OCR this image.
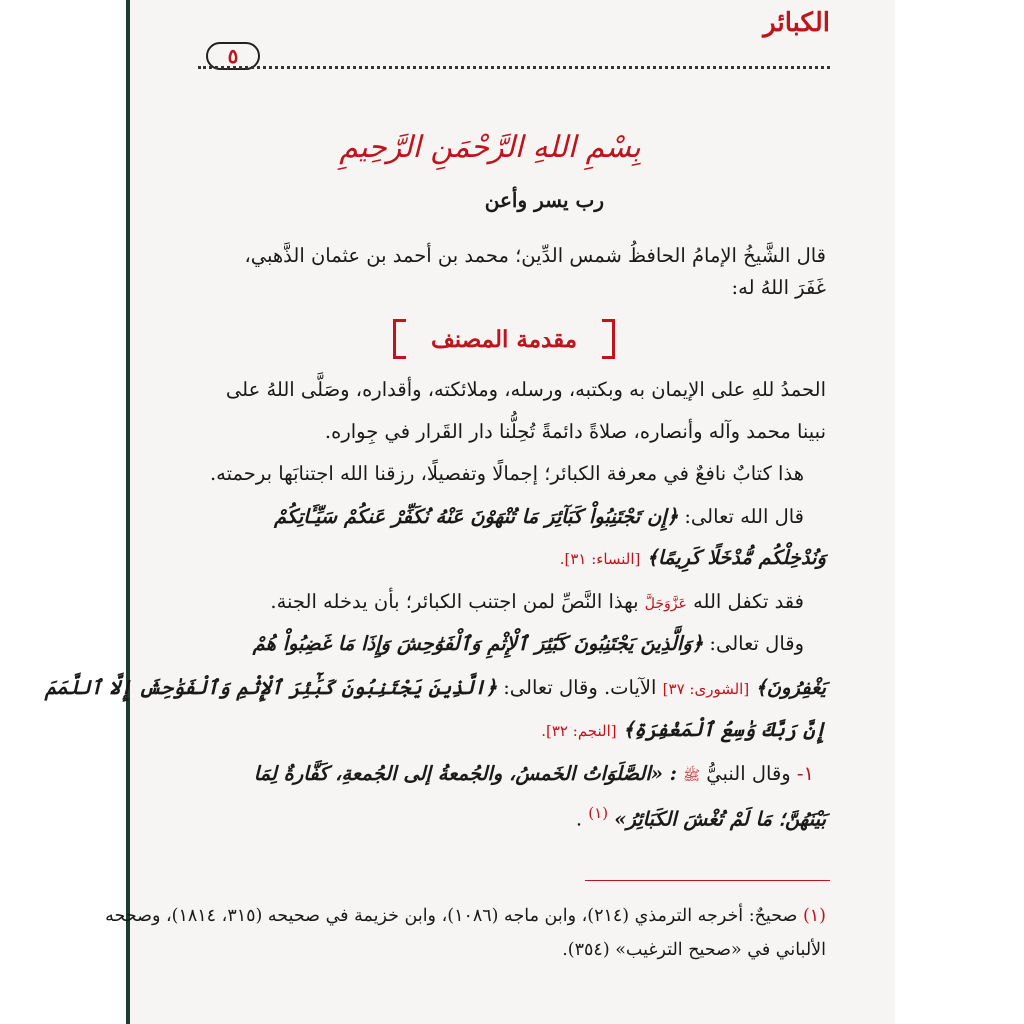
الكبائر
٥
بِسْمِ اللهِ الرَّحْمَنِ الرَّحِيمِ
رب يسر وأعن
قال الشَّيخُ الإمامُ الحافظُ شمس الدِّين؛ محمد بن أحمد بن عثمان الذَّهبي،
غَفَرَ اللهُ له:
مقدمة المصنف
الحمدُ للهِ على الإيمان به وبكتبه، ورسله، وملائكته، وأقداره، وصَلَّى اللهُ على
نبينا محمد وآله وأنصاره، صلاةً دائمةً تُحِلُّنا دار القَرار في جِواره.
هذا كتابٌ نافعٌ في معرفة الكبائر؛ إجمالًا وتفصيلًا، رزقنا الله اجتنابَها برحمته.
قال الله تعالى: ﴿إِن تَجْتَنِبُواْ كَبَآئِرَ مَا تُنْهَوْنَ عَنْهُ نُكَفِّرْ عَنكُمْ سَيِّـَٔاتِكُمْ
وَنُدْخِلْكُم مُّدْخَلًا كَرِيمًا﴾ [النساء: ٣١].
فقد تكفل الله عَزَّوَجَلَّ بهذا النَّصِّ لمن اجتنب الكبائر؛ بأن يدخله الجنة.
وقال تعالى: ﴿وَالَّذِينَ يَجْتَنِبُونَ كَبَٰٓئِرَ ٱلْإِثْمِ وَٱلْفَوَٰحِشَ وَإِذَا مَا غَضِبُواْ هُمْ
يَغْفِرُونَ﴾ [الشورى: ٣٧] الآيات. وقال تعالى: ﴿الَّذِينَ يَجْتَنِبُونَ كَبَٰٓئِرَ ٱلْإِثْمِ وَٱلْفَوَٰحِشَ إِلَّا ٱللَّمَمَ
إِنَّ رَبَّكَ وَٰسِعُ ٱلْمَغْفِرَةِ﴾ [النجم: ٣٢].
١- وقال النبيُّ ﷺ : «الصَّلَوَاتُ الخَمسُ، والجُمعةُ إلى الجُمعةِ، كَفَّارةٌ لِمَا
بَيْنَهُنَّ؛ مَا لَمْ تُغْشَ الكَبَائِرُ» $^{(١)}$ .
(١) صحيحٌ: أخرجه الترمذي (٢١٤)، وابن ماجه (١٠٨٦)، وابن خزيمة في صحيحه (٣١٥، ١٨١٤)، وصححه
الألباني في «صحيح الترغيب» (٣٥٤).
